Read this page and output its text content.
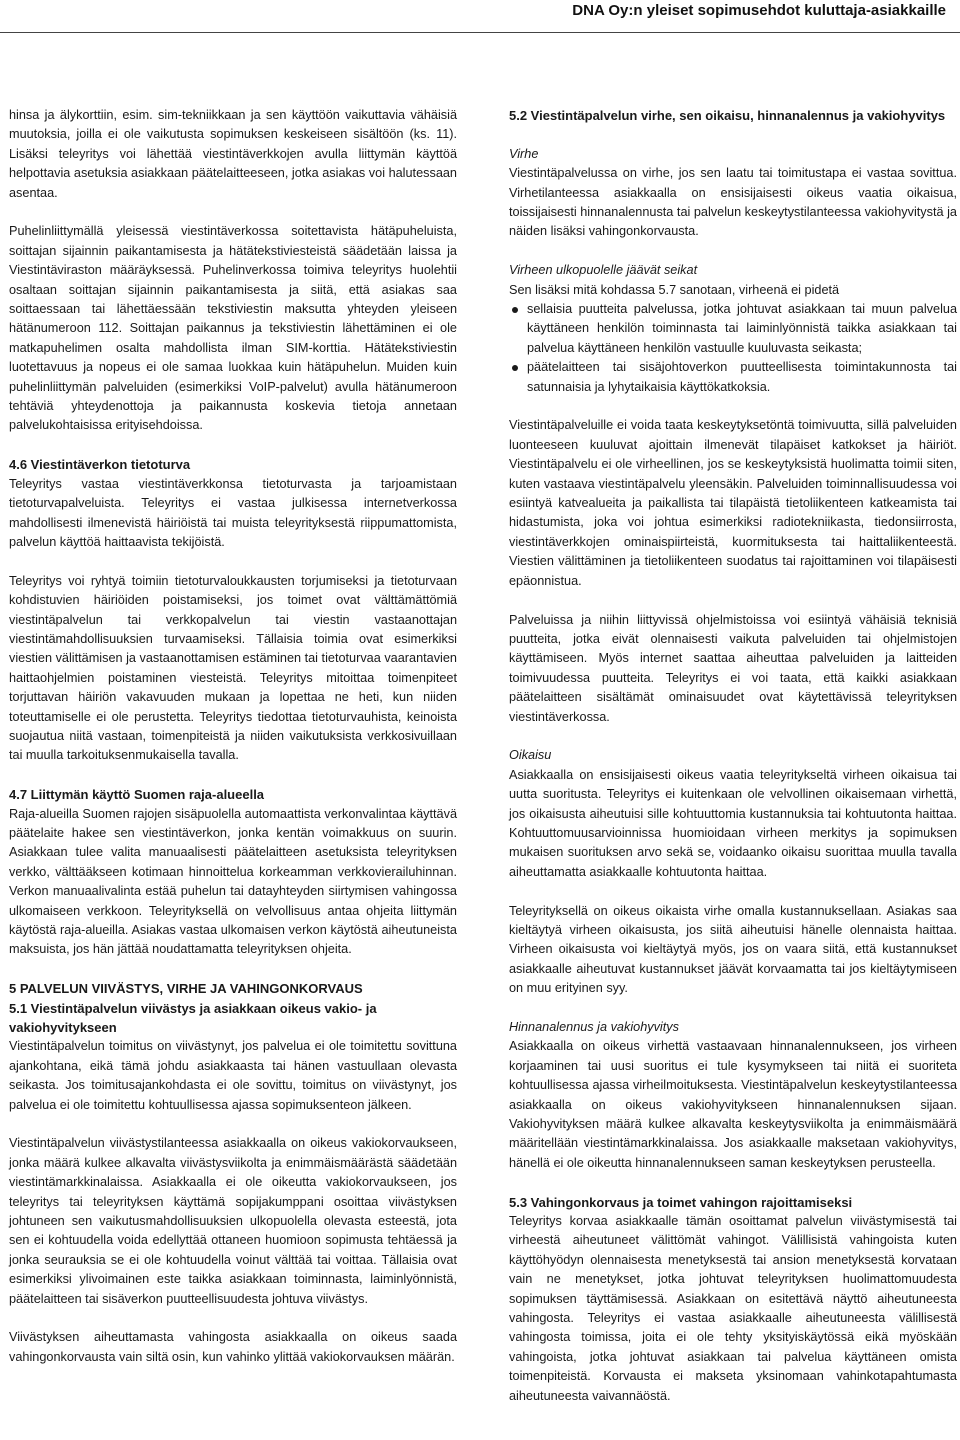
DNA Oy:n yleiset sopimusehdot kuluttaja-asiakkaille

hinsa ja älykorttiin, esim. sim-tekniikkaan ja sen käyttöön vaikuttavia vähäisiä muutoksia, joilla ei ole vaikutusta sopimuksen keskeiseen sisältöön (ks. 11). Lisäksi teleyritys voi lähettää viestintäverkkojen avulla liittymän käyttöä helpottavia asetuksia asiakkaan päätelaitteeseen, jotka asiakas voi halutessaan asentaa.

Puhelinliittymällä yleisessä viestintäverkossa soitettavista hätäpuheluista, soittajan sijainnin paikantamisesta ja hätätekstiviesteistä säädetään laissa ja Viestintäviraston määräyksessä. Puhelinverkossa toimiva teleyritys huolehtii osaltaan soittajan sijainnin paikantamisesta ja siitä, että asiakas saa soittaessaan tai lähettäessään tekstiviestin maksutta yhteyden yleiseen hätänumeroon 112. Soittajan paikannus ja tekstiviestin lähettäminen ei ole matkapuhelimen osalta mahdollista ilman SIM-korttia. Hätätekstiviestin luotettavuus ja nopeus ei ole samaa luokkaa kuin hätäpuhelun. Muiden kuin puhelinliittymän palveluiden (esimerkiksi VoIP-palvelut) avulla hätänumeroon tehtäviä yhteydenottoja ja paikannusta koskevia tietoja annetaan palvelukohtaisissa erityisehdoissa.

4.6 Viestintäverkon tietoturva

Teleyritys vastaa viestintäverkkonsa tietoturvasta ja tarjoamistaan tietoturvapalveluista. Teleyritys ei vastaa julkisessa internetverkossa mahdollisesti ilmenevistä häiriöistä tai muista teleyrityksestä riippumattomista, palvelun käyttöä haittaavista tekijöistä.

Teleyritys voi ryhtyä toimiin tietoturvaloukkausten torjumiseksi ja tietoturvaan kohdistuvien häiriöiden poistamiseksi, jos toimet ovat välttämättömiä viestintäpalvelun tai verkkopalvelun tai viestin vastaanottajan viestintämahdollisuuksien turvaamiseksi. Tällaisia toimia ovat esimerkiksi viestien välittämisen ja vastaanottamisen estäminen tai tietoturvaa vaarantavien haittaohjelmien poistaminen viesteistä. Teleyritys mitoittaa toimenpiteet torjuttavan häiriön vakavuuden mukaan ja lopettaa ne heti, kun niiden toteuttamiselle ei ole perustetta. Teleyritys tiedottaa tietoturvauhista, keinoista suojautua niitä vastaan, toimenpiteistä ja niiden vaikutuksista verkkosivuillaan tai muulla tarkoituksenmukaisella tavalla.

4.7 Liittymän käyttö Suomen raja-alueella

Raja-alueilla Suomen rajojen sisäpuolella automaattista verkonvalintaa käyttävä päätelaite hakee sen viestintäverkon, jonka kentän voimakkuus on suurin. Asiakkaan tulee valita manuaalisesti päätelaitteen asetuksista teleyrityksen verkko, välttääkseen kotimaan hinnoittelua korkeamman verkkovierailuhinnan. Verkon manuaalivalinta estää puhelun tai datayhteyden siirtymisen vahingossa ulkomaiseen verkkoon. Teleyrityksellä on velvollisuus antaa ohjeita liittymän käytöstä raja-alueilla. Asiakas vastaa ulkomaisen verkon käytöstä aiheutuneista maksuista, jos hän jättää noudattamatta teleyrityksen ohjeita.

5 PALVELUN VIIVÄSTYS, VIRHE JA VAHINGONKORVAUS
5.1 Viestintäpalvelun viivästys ja asiakkaan oikeus vakio- ja vakiohyvitykseen

Viestintäpalvelun toimitus on viivästynyt, jos palvelua ei ole toimitettu sovittuna ajankohtana, eikä tämä johdu asiakkaasta tai hänen vastuullaan olevasta seikasta. Jos toimitusajankohdasta ei ole sovittu, toimitus on viivästynyt, jos palvelua ei ole toimitettu kohtuullisessa ajassa sopimuksenteon jälkeen.

Viestintäpalvelun viivästystilanteessa asiakkaalla on oikeus vakiokorvaukseen, jonka määrä kulkee alkavalta viivästysviikolta ja enimmäismäärästä säädetään viestintämarkkinalaissa. Asiakkaalla ei ole oikeutta vakiokorvaukseen, jos teleyritys tai teleyrityksen käyttämä sopijakumppani osoittaa viivästyksen johtuneen sen vaikutusmahdollisuuksien ulkopuolella olevasta esteestä, jota sen ei kohtuudella voida edellyttää ottaneen huomioon sopimusta tehtäessä ja jonka seurauksia se ei ole kohtuudella voinut välttää tai voittaa. Tällaisia ovat esimerkiksi ylivoimainen este taikka asiakkaan toiminnasta, laiminlyönnistä, päätelaitteen tai sisäverkon puutteellisuudesta johtuva viivästys.

Viivästyksen aiheuttamasta vahingosta asiakkaalla on oikeus saada vahingonkorvausta vain siltä osin, kun vahinko ylittää vakiokorvauksen määrän.

5.2 Viestintäpalvelun virhe, sen oikaisu, hinnanalennus ja vakiohyvitys

Virhe

Viestintäpalvelussa on virhe, jos sen laatu tai toimitustapa ei vastaa sovittua. Virhetilanteessa asiakkaalla on ensisijaisesti oikeus vaatia oikaisua, toissijaisesti hinnanalennusta tai palvelun keskeytystilanteessa vakiohyvitystä ja näiden lisäksi vahingonkorvausta.

Virheen ulkopuolelle jäävät seikat

Sen lisäksi mitä kohdassa 5.7 sanotaan, virheenä ei pidetä

sellaisia puutteita palvelussa, jotka johtuvat asiakkaan tai muun palvelua käyttäneen henkilön toiminnasta tai laiminlyönnistä taikka asiakkaan tai palvelua käyttäneen henkilön vastuulle kuuluvasta seikasta;
päätelaitteen tai sisäjohtoverkon puutteellisesta toimintakunnosta tai satunnaisia ja lyhytaikaisia käyttökatkoksia.

Viestintäpalveluille ei voida taata keskeytyksetöntä toimivuutta, sillä palveluiden luonteeseen kuuluvat ajoittain ilmenevät tilapäiset katkokset ja häiriöt. Viestintäpalvelu ei ole virheellinen, jos se keskeytyksistä huolimatta toimii siten, kuten vastaava viestintäpalvelu yleensäkin. Palveluiden toiminnallisuudessa voi esiintyä katvealueita ja paikallista tai tilapäistä tietoliikenteen katkeamista tai hidastumista, joka voi johtua esimerkiksi radiotekniikasta, tiedonsiirrosta, viestintäverkkojen ominaispiirteistä, kuormituksesta tai haittaliikenteestä. Viestien välittäminen ja tietoliikenteen suodatus tai rajoittaminen voi tilapäisesti epäonnistua.

Palveluissa ja niihin liittyvissä ohjelmistoissa voi esiintyä vähäisiä teknisiä puutteita, jotka eivät olennaisesti vaikuta palveluiden tai ohjelmistojen käyttämiseen. Myös internet saattaa aiheuttaa palveluiden ja laitteiden toimivuudessa puutteita. Teleyritys ei voi taata, että kaikki asiakkaan päätelaitteen sisältämät ominaisuudet ovat käytettävissä teleyrityksen viestintäverkossa.

Oikaisu

Asiakkaalla on ensisijaisesti oikeus vaatia teleyritykseltä virheen oikaisua tai uutta suoritusta. Teleyritys ei kuitenkaan ole velvollinen oikaisemaan virhettä, jos oikaisusta aiheutuisi sille kohtuuttomia kustannuksia tai kohtuutonta haittaa. Kohtuuttomuusarvioinnissa huomioidaan virheen merkitys ja sopimuksen mukaisen suorituksen arvo sekä se, voidaanko oikaisu suorittaa muulla tavalla aiheuttamatta asiakkaalle kohtuutonta haittaa.

Teleyrityksellä on oikeus oikaista virhe omalla kustannuksellaan. Asiakas saa kieltäytyä virheen oikaisusta, jos siitä aiheutuisi hänelle olennaista haittaa. Virheen oikaisusta voi kieltäytyä myös, jos on vaara siitä, että kustannukset asiakkaalle aiheutuvat kustannukset jäävät korvaamatta tai jos kieltäytymiseen on muu erityinen syy.

Hinnanalennus ja vakiohyvitys

Asiakkaalla on oikeus virhettä vastaavaan hinnanalennukseen, jos virheen korjaaminen tai uusi suoritus ei tule kysymykseen tai niitä ei suoriteta kohtuullisessa ajassa virheilmoituksesta. Viestintäpalvelun keskeytystilanteessa asiakkaalla on oikeus vakiohyvitykseen hinnanalennuksen sijaan. Vakiohyvityksen määrä kulkee alkavalta keskeytysviikolta ja enimmäismäärä määritellään viestintämarkkinalaissa. Jos asiakkaalle maksetaan vakiohyvitys, hänellä ei ole oikeutta hinnanalennukseen saman keskeytyksen perusteella.

5.3 Vahingonkorvaus ja toimet vahingon rajoittamiseksi

Teleyritys korvaa asiakkaalle tämän osoittamat palvelun viivästymisestä tai virheestä aiheutuneet välittömät vahingot. Välillisistä vahingoista kuten käyttöhyödyn olennaisesta menetyksestä tai ansion menetyksestä korvataan vain ne menetykset, jotka johtuvat teleyrityksen huolimattomuudesta sopimuksen täyttämisessä. Asiakkaan on esitettävä näyttö aiheutuneesta vahingosta. Teleyritys ei vastaa asiakkaalle aiheutuneesta välillisestä vahingosta toimissa, joita ei ole tehty yksityiskäytössä eikä myöskään vahingoista, jotka johtuvat asiakkaan tai palvelua käyttäneen omista toimenpiteistä. Korvausta ei makseta yksinomaan vahinkotapahtumasta aiheutuneesta vaivannäöstä.
